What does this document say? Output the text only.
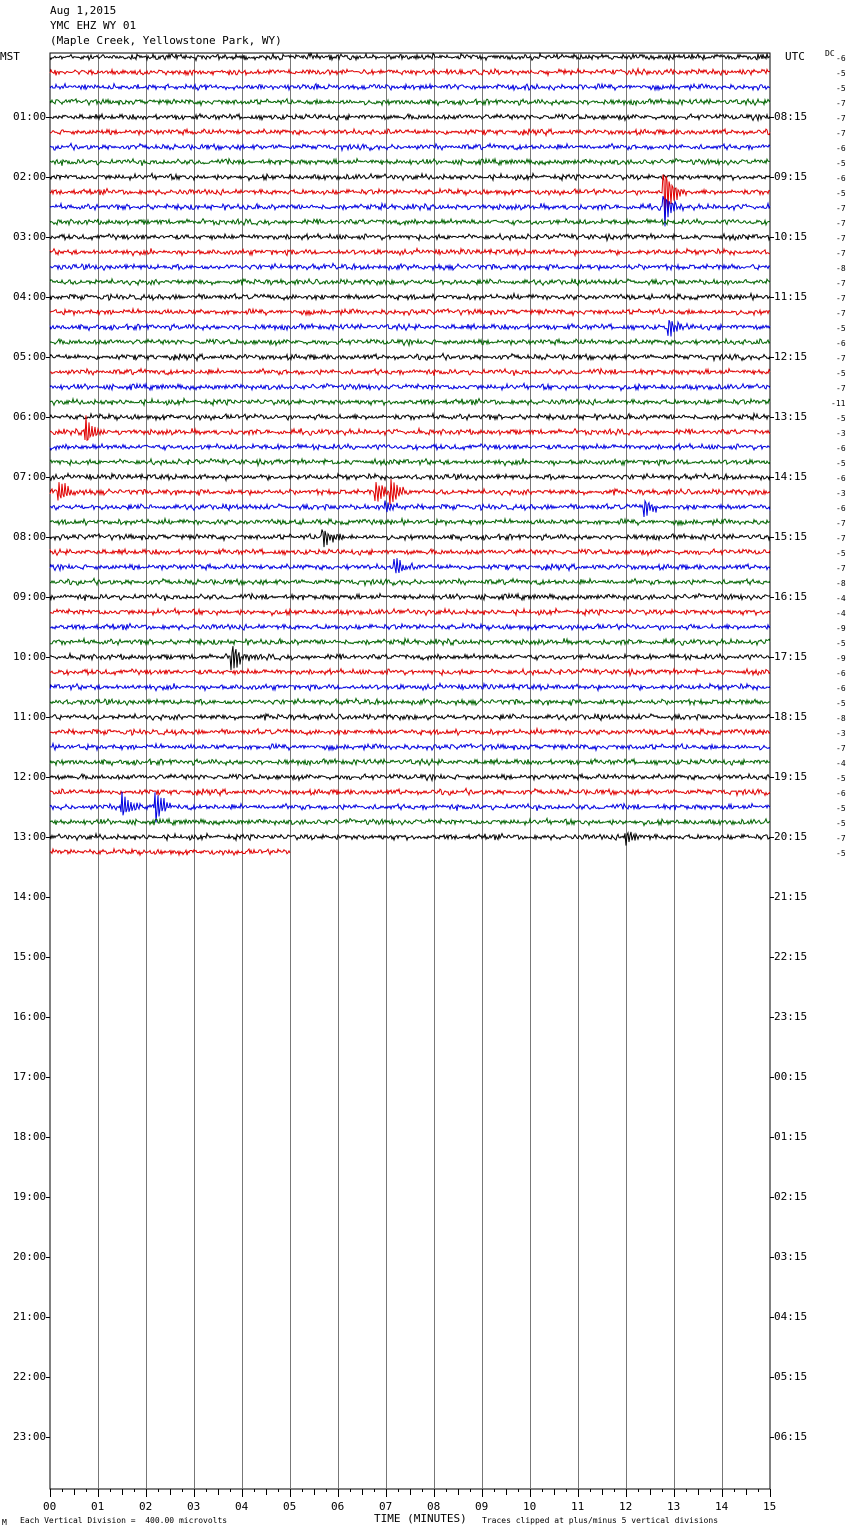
Aug 1,2015
YMC EHZ WY 01
(Maple Creek, Yellowstone Park, WY)
MST	UTC	DC
01:00
02:00
03:00
04:00
05:00
06:00
07:00
08:00
09:00
10:00
11:00
12:00
13:00
14:00
15:00
16:00
17:00
18:00
19:00
20:00
21:00
22:00
23:00
08:15
09:15
10:15
11:15
12:15
13:15
14:15
15:15
16:15
17:15
18:15
19:15
20:15
21:15
22:15
23:15
00:15
01:15
02:15
03:15
04:15
05:15
06:15
-6
-5
-5
-7
-7
-7
-6
-5
-6
-5
-7
-7
-7
-7
-8
-7
-7
-7
-5
-6
-7
-5
-7
-11
-5
-3
-6
-5
-6
-3
-6
-7
-7
-5
-7
-8
-4
-4
-9
-5
-9
-6
-6
-5
-8
-3
-7
-4
-5
-6
-5
-5
-7
-5
00	01	02	03	04	05	06	07	08	09	10	11	12	13	14	15
TIME (MINUTES)
M Each Vertical Division =  400.00 microvolts	Traces clipped at plus/minus 5 vertical divisions
